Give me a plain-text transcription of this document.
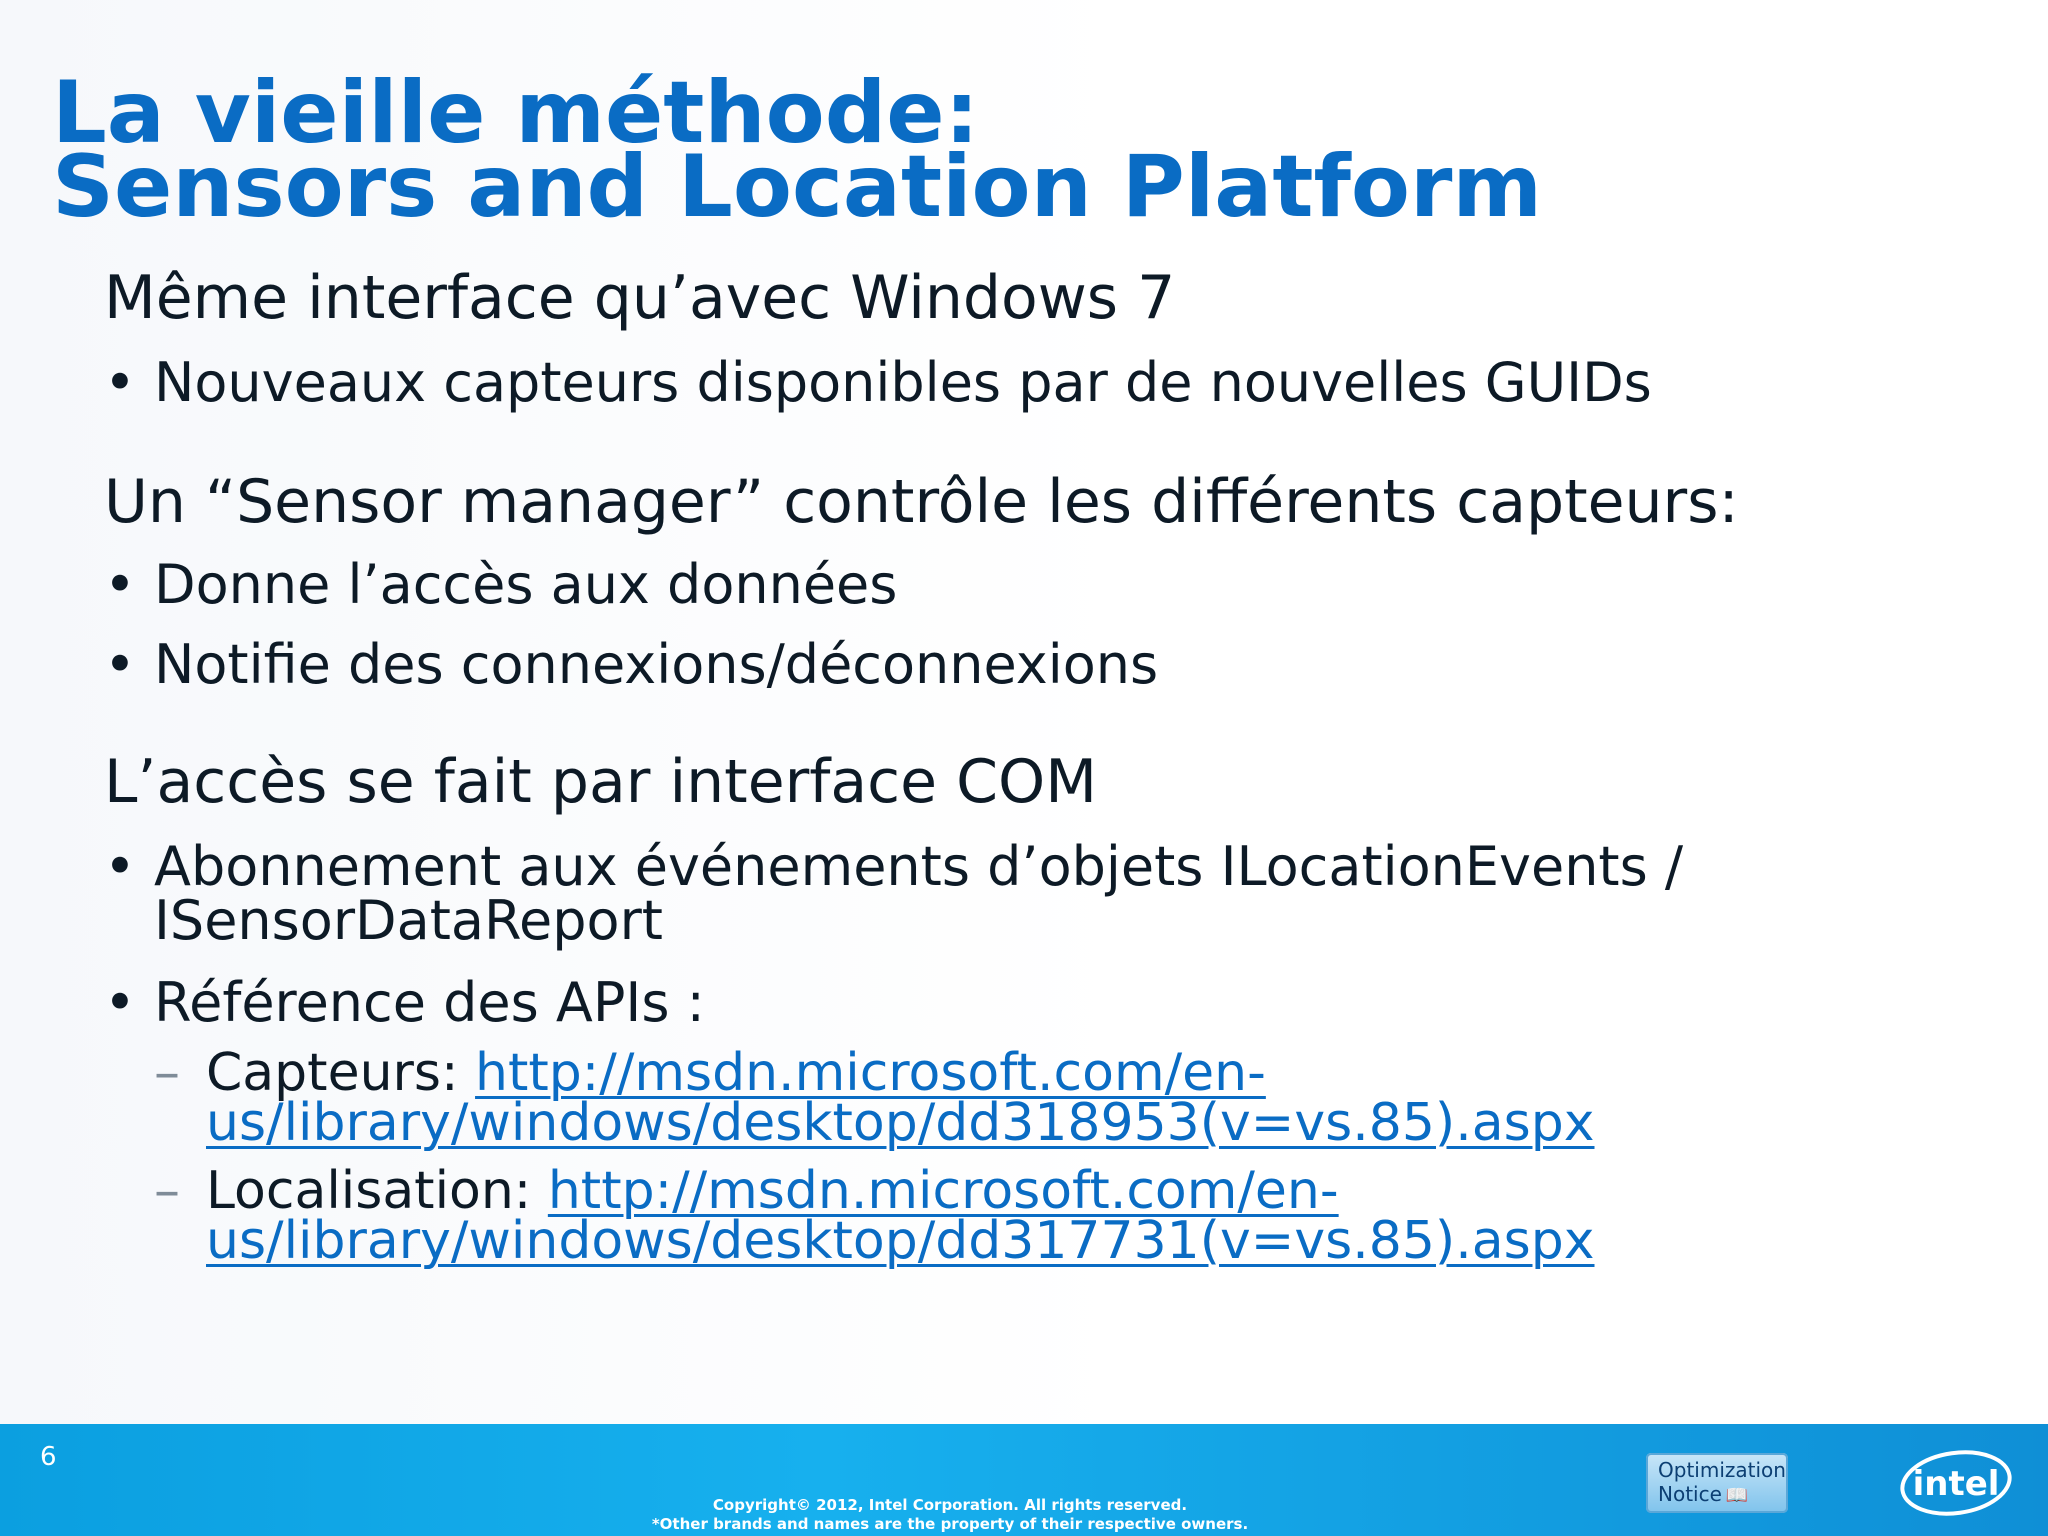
La vieille méthode:
Sensors and Location Platform

Même interface qu’avec Windows 7

• Nouveaux capteurs disponibles par de nouvelles GUIDs

Un “Sensor manager” contrôle les différents capteurs:

• Donne l’accès aux données
• Notifie des connexions/déconnexions

L’accès se fait par interface COM

• Abonnement aux événements d’objets ILocationEvents /
ISensorDataReport
• Référence des APIs :
– Capteurs: http://msdn.microsoft.com/en-
us/library/windows/desktop/dd318953(v=vs.85).aspx
– Localisation: http://msdn.microsoft.com/en-
us/library/windows/desktop/dd317731(v=vs.85).aspx
6
Copyright© 2012, Intel Corporation. All rights reserved.
*Other brands and names are the property of their respective owners.
Optimization
Notice 📖	intel
